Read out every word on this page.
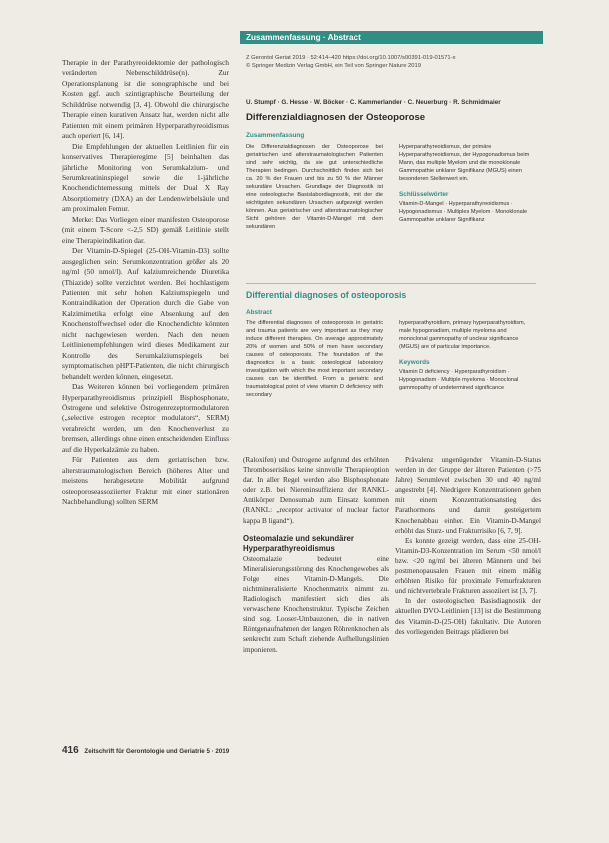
Therapie in der Parathyreoidektomie der pathologisch veränderten Nebenschilddrüse(n). Zur Operationsplanung ist die sonographische und bei Kosten ggf. auch szintigraphische Beurteilung der Schilddrüse notwendig [3, 4]. Obwohl die chirurgische Therapie einen kurativen Ansatz hat, werden nicht alle Patienten mit einem primären Hyperparathyreoidismus auch operiert [6, 14].

Die Empfehlungen der aktuellen Leitlinien für ein konservatives Therapieregime [5] beinhalten das jährliche Monitoring von Serumkalzium- und Serumkreatininspiegel sowie die 1-jährliche Knochendichtemessung mittels der Dual X Ray Absorptiometry (DXA) an der Lendenwirbelsäule und am proximalen Femur.

Merke: Das Vorliegen einer manifesten Osteoporose (mit einem T-Score <-2,5 SD) gemäß Leitlinie stellt eine Therapieindikation dar.

Der Vitamin-D-Spiegel (25-OH-Vitamin-D3) sollte ausgeglichen sein: Serumkonzentration größer als 20 ng/ml (50 nmol/l). Auf kalziumreichende Diuretika (Thiazide) sollte verzichtet werden. Bei hochlastigem Patienten mit sehr hohen Kalziumspiegeln und Kontraindikation der Operation durch die Gabe von Kalzimimetika erfolgt eine Absenkung auf den Knochenstoffwechsel oder die Knochendichte könnten nicht nachgewiesen werden. Nach den neuen Leitlinienempfehlungen wird dieses Medikament zur Kontrolle des Serumkalziumspiegels bei symptomatischen pHPT-Patienten, die nicht chirurgisch behandelt werden können, eingesetzt.

Das Weiteren können bei vorliegendem primären Hyperparathyreoidismus prinzipiell Bisphosphonate, Östrogene und selektive Östrogenrezeptormodulatoren („selective estrogen receptor modulators“, SERM) verabreicht werden, um den Knochenverlust zu bremsen, allerdings ohne einen entscheidenden Einfluss auf die Hyperkalzämie zu haben.

Für Patienten aus dem geriatrischen bzw. alterstraumatologischen Bereich (höheres Alter und meistens herabgesetzte Mobilität aufgrund osteoporoseassoziierter Fraktur mit einer stationären Nachbehandlung) sollten SERM

Zusammenfassung · Abstract
Z Gerontol Geriat 2019 · 52:414–420 https://doi.org/10.1007/s00391-019-01571-x
© Springer Medizin Verlag GmbH, ein Teil von Springer Nature 2019
U. Stumpf · G. Hesse · W. Böcker · C. Kammerlander · C. Neuerburg · R. Schmidmaier
Differenzialdiagnosen der Osteoporose
Zusammenfassung
Die Differenzialdiagnosen der Osteoporose bei geriatrischen und alterstraumatologischen Patienten sind sehr wichtig, da sie gut unterschiedliche Therapien bedingen. Durchschnittlich finden sich bei ca. 20 % der Frauen und bis zu 50 % der Männer sekundäre Ursachen. Grundlage der Diagnostik ist eine osteologische Basislabordiagnostik, mit der die wichtigsten sekundären Ursachen aufgezeigt werden können. Aus geriatrischer und alterstraumatologischer Sicht gehören der Vitamin-D-Mangel mit dem sekundären
Hyperparathyreoidismus, der primäre Hyperparathyreoidismus, der Hypogonadismus beim Mann, das multiple Myelom und die monoklonale Gammopathie unklarer Signifikanz (MGUS) einen besonderen Stellenwert ein.
Schlüsselwörter
Vitamin-D-Mangel · Hyperparathyreoidismus · Hypogonadismus · Multiples Myelom · Monoklonale Gammopathie unklarer Signifikanz
Differential diagnoses of osteoporosis
Abstract
The differential diagnoses of osteoporosis in geriatric and trauma patients are very important as they may induce different therapies. On average approximately 20% of women and 50% of men have secondary causes of osteoporosis. The foundation of the diagnostics is a basic osteological laboratory investigation with which the most important secondary causes can be identified. From a geriatric and traumatological point of view vitamin D deficiency with secondary
hyperparathyroidism, primary hyperparathyroidism, male hypogonadism, multiple myeloma and monoclonal gammopathy of unclear significance (MGUS) are of particular importance.
Keywords
Vitamin D deficiency · Hyperparathyroidism · Hypogonadism · Multiple myeloma · Monoclonal gammopathy of undetermined significance

(Raloxifen) und Östrogene aufgrund des erhöhten Thromboserisikos keine sinnvolle Therapieoption dar. In aller Regel werden also Bisphosphonate oder z.B. bei Niereninsuffizienz der RANKL-Antikörper Denosumab zum Einsatz kommen (RANKL: „receptor activator of nuclear factor kappa B ligand“).

Osteomalazie und sekundärer Hyperparathyreoidismus

Osteomalazie bedeutet eine Mineralisierungsstörung des Knochengewebes als Folge eines Vitamin-D-Mangels. Die nichtmineralisierte Knochenmatrix nimmt zu. Radiologisch manifestiert sich dies als verwaschene Knochenstruktur. Typische Zeichen sind sog. Looser-Umbauzonen, die in nativen Röntgenaufnahmen der langen Röhrenknochen als senkrecht zum Schaft ziehende Aufhellungslinien imponieren.

Prävalenz ungenügender Vitamin-D-Status werden in der Gruppe der älteren Patienten (>75 Jahre) Serumlevel zwischen 30 und 40 ng/ml angestrebt [4]. Niedrigere Konzentrationen gehen mit einem Konzentrationsanstieg des Parathormons und damit gesteigertem Knochenabbau einher. Ein Vitamin-D-Mangel erhöht das Sturz- und Frakturrisiko [6, 7, 9].

Es konnte gezeigt werden, dass eine 25-OH-Vitamin-D3-Konzentration im Serum <50 nmol/l bzw. <20 ng/ml bei älteren Männern und bei postmenopausalen Frauen mit einem mäßig erhöhten Risiko für proximale Femurfrakturen und nichtvertebrale Frakturen assoziiert ist [3, 7].

In der osteologischen Basisdiagnostik der aktuellen DVO-Leitlinien [13] ist die Bestimmung des Vitamin-D-(25-OH) fakultativ. Die Autoren des vorliegenden Beitrags plädieren bei

416 Zeitschrift für Gerontologie und Geriatrie 5 · 2019
